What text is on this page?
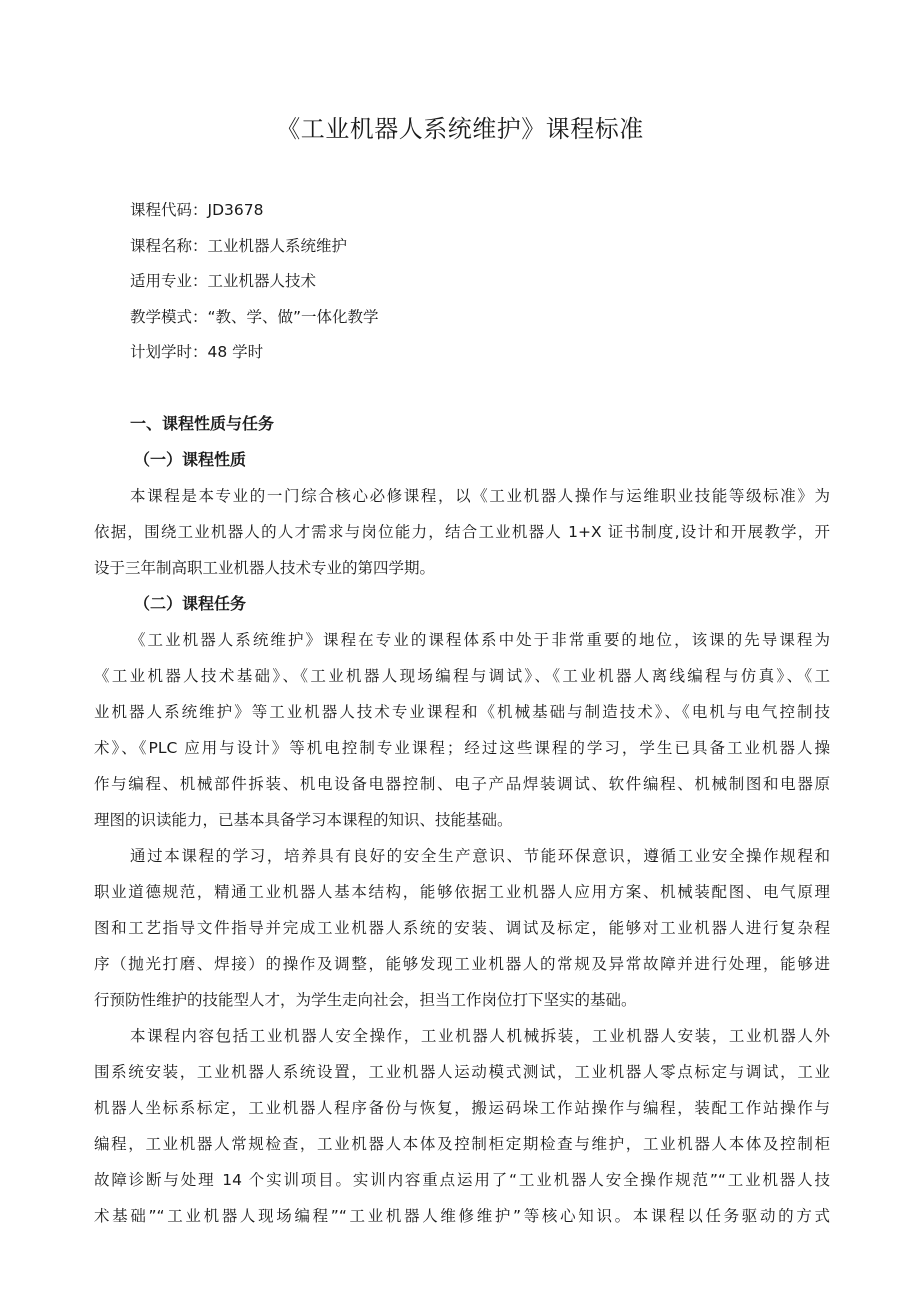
《工业机器人系统维护》课程标准
课程代码：JD3678
课程名称：工业机器人系统维护
适用专业：工业机器人技术
教学模式：“教、学、做”一体化教学
计划学时：48 学时
一、课程性质与任务
（一）课程性质
本课程是本专业的一门综合核心必修课程，以《工业机器人操作与运维职业技能等级标准》为
依据，围绕工业机器人的人才需求与岗位能力，结合工业机器人 1+X 证书制度,设计和开展教学，开
设于三年制高职工业机器人技术专业的第四学期。
（二）课程任务
《工业机器人系统维护》课程在专业的课程体系中处于非常重要的地位，该课的先导课程为
《工业机器人技术基础》、《工业机器人现场编程与调试》、《工业机器人离线编程与仿真》、《工
业机器人系统维护》等工业机器人技术专业课程和《机械基础与制造技术》、《电机与电气控制技
术》、《PLC 应用与设计》等机电控制专业课程；经过这些课程的学习，学生已具备工业机器人操
作与编程、机械部件拆装、机电设备电器控制、电子产品焊装调试、软件编程、机械制图和电器原
理图的识读能力，已基本具备学习本课程的知识、技能基础。
通过本课程的学习，培养具有良好的安全生产意识、节能环保意识，遵循工业安全操作规程和
职业道德规范，精通工业机器人基本结构，能够依据工业机器人应用方案、机械装配图、电气原理
图和工艺指导文件指导并完成工业机器人系统的安装、调试及标定，能够对工业机器人进行复杂程
序（抛光打磨、焊接）的操作及调整，能够发现工业机器人的常规及异常故障并进行处理，能够进
行预防性维护的技能型人才，为学生走向社会，担当工作岗位打下坚实的基础。
本课程内容包括工业机器人安全操作，工业机器人机械拆装，工业机器人安装，工业机器人外
围系统安装，工业机器人系统设置，工业机器人运动模式测试，工业机器人零点标定与调试，工业
机器人坐标系标定，工业机器人程序备份与恢复，搬运码垛工作站操作与编程，装配工作站操作与
编程，工业机器人常规检查，工业机器人本体及控制柜定期检查与维护，工业机器人本体及控制柜
故障诊断与处理 14 个实训项目。实训内容重点运用了“工业机器人安全操作规范”“工业机器人技
术基础”“工业机器人现场编程”“工业机器人维修维护”等核心知识。本课程以任务驱动的方式
